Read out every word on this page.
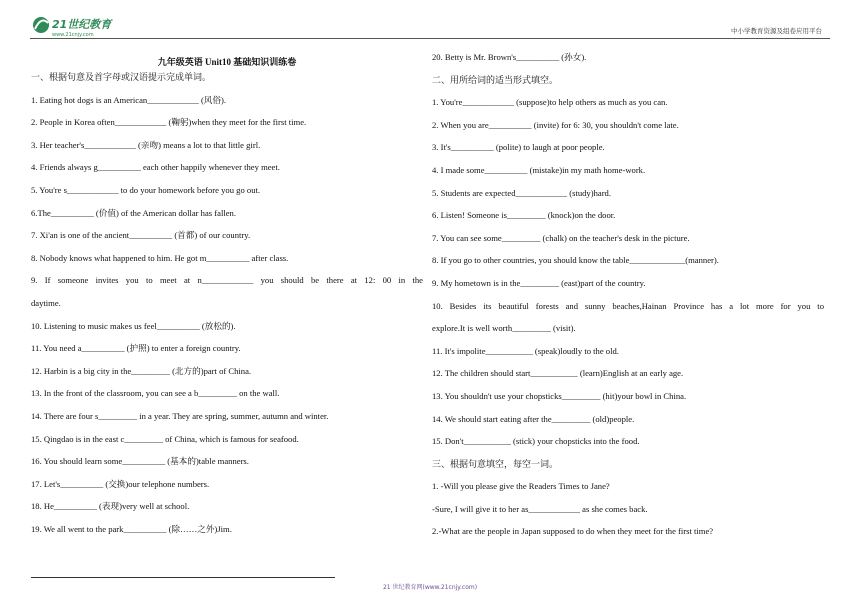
21世纪教育
www.21cnjy.com	中小学教育资源及组卷应用平台
九年级英语 Unit10 基础知识训练卷

一、根据句意及首字母或汉语提示完成单词。

1. Eating hot dogs is an American____________ (风俗).

2. People in Korea often____________ (鞠躬)when they meet for the first time.

3. Her teacher's____________ (亲吻) means a lot to that little girl.

4. Friends always g__________ each other happily whenever they meet.

5. You're s____________ to do your homework before you go out.

6.The__________ (价值) of the American dollar has fallen.

7. Xi'an is one of the ancient__________ (首都) of our country.

8. Nobody knows what happened to him. He got m__________ after class.

9. If someone invites you to meet at n____________ you should be there at 12: 00 in the

daytime.

10. Listening to music makes us feel__________ (放松的).

11. You need a__________ (护照) to enter a foreign country.

12. Harbin is a big city in the_________ (北方的)part of China.

13. In the front of the classroom, you can see a b_________ on the wall.

14. There are four s_________ in a year. They are spring, summer, autumn and winter.

15. Qingdao is in the east c_________ of China, which is famous for seafood.

16. You should learn some__________ (基本的)table manners.

17. Let's__________ (交换)our telephone numbers.

18. He__________ (表现)very well at school.

19. We all went to the park__________ (除……之外)Jim.

20. Betty is Mr. Brown's__________ (孙女).

二、用所给词的适当形式填空。

1. You're____________ (suppose)to help others as much as you can.

2. When you are__________ (invite) for 6: 30, you shouldn't come late.

3. It's__________ (polite) to laugh at poor people.

4. I made some__________ (mistake)in my math home-work.

5. Students are expected____________ (study)hard.

6. Listen! Someone is_________ (knock)on the door.

7. You can see some_________ (chalk) on the teacher's desk in the picture.

8. If you go to other countries, you should know the table_____________(manner).

9. My hometown is in the_________ (east)part of the country.

10. Besides its beautiful forests and sunny beaches,Hainan Province has a lot more for you to

explore.It is well worth_________ (visit).

11. It's impolite___________ (speak)loudly to the old.

12. The children should start___________ (learn)English at an early age.

13. You shouldn't use your chopsticks_________ (hit)your bowl in China.

14. We should start eating after the_________ (old)people.

15. Don't___________ (stick) your chopsticks into the food.

三、根据句意填空，每空一词。

1. -Will you please give the Readers Times to Jane?

-Sure, I will give it to her as____________ as she comes back.

2.-What are the people in Japan supposed to do when they meet for the first time?

21 世纪教育网(www.21cnjy.com)
